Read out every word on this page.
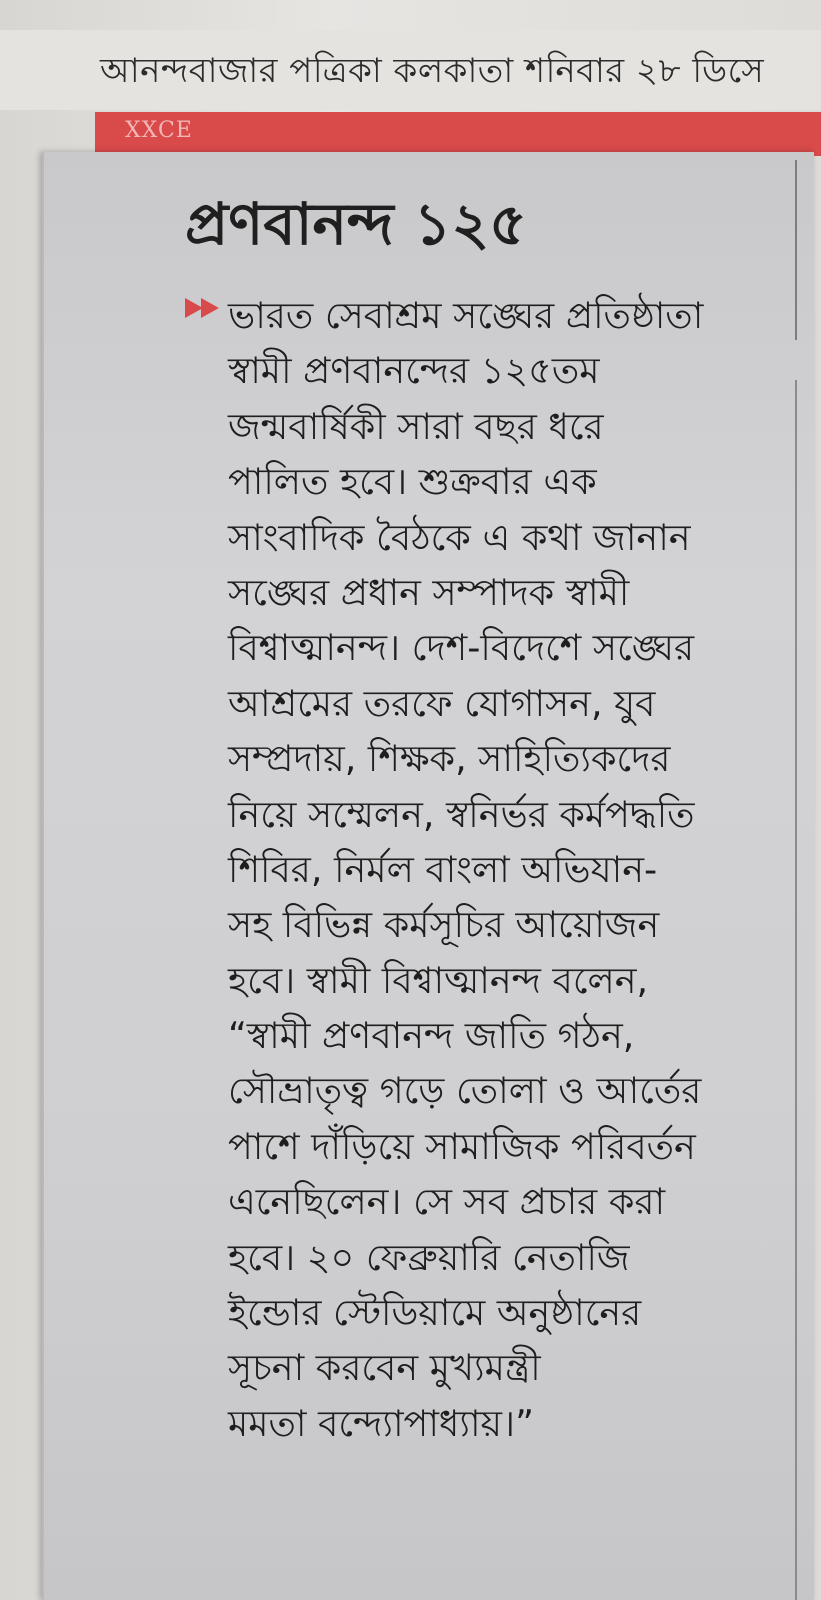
আনন্দবাজার পত্রিকা কলকাতা শনিবার ২৮ ডিসে
XXCE
প্রণবানন্দ ১২৫
ভারত সেবাশ্রম সঙ্ঘের প্রতিষ্ঠাতা
স্বামী প্রণবানন্দের ১২৫তম
জন্মবার্ষিকী সারা বছর ধরে
পালিত হবে। শুক্রবার এক
সাংবাদিক বৈঠকে এ কথা জানান
সঙ্ঘের প্রধান সম্পাদক স্বামী
বিশ্বাত্মানন্দ। দেশ-বিদেশে সঙ্ঘের
আশ্রমের তরফে যোগাসন, যুব
সম্প্রদায়, শিক্ষক, সাহিত্যিকদের
নিয়ে সম্মেলন, স্বনির্ভর কর্মপদ্ধতি
শিবির, নির্মল বাংলা অভিযান-
সহ বিভিন্ন কর্মসূচির আয়োজন
হবে। স্বামী বিশ্বাত্মানন্দ বলেন,
“স্বামী প্রণবানন্দ জাতি গঠন,
সৌভ্রাতৃত্ব গড়ে তোলা ও আর্তের
পাশে দাঁড়িয়ে সামাজিক পরিবর্তন
এনেছিলেন। সে সব প্রচার করা
হবে। ২০ ফেব্রুয়ারি নেতাজি
ইন্ডোর স্টেডিয়ামে অনুষ্ঠানের
সূচনা করবেন মুখ্যমন্ত্রী
মমতা বন্দ্যোপাধ্যায়।”
